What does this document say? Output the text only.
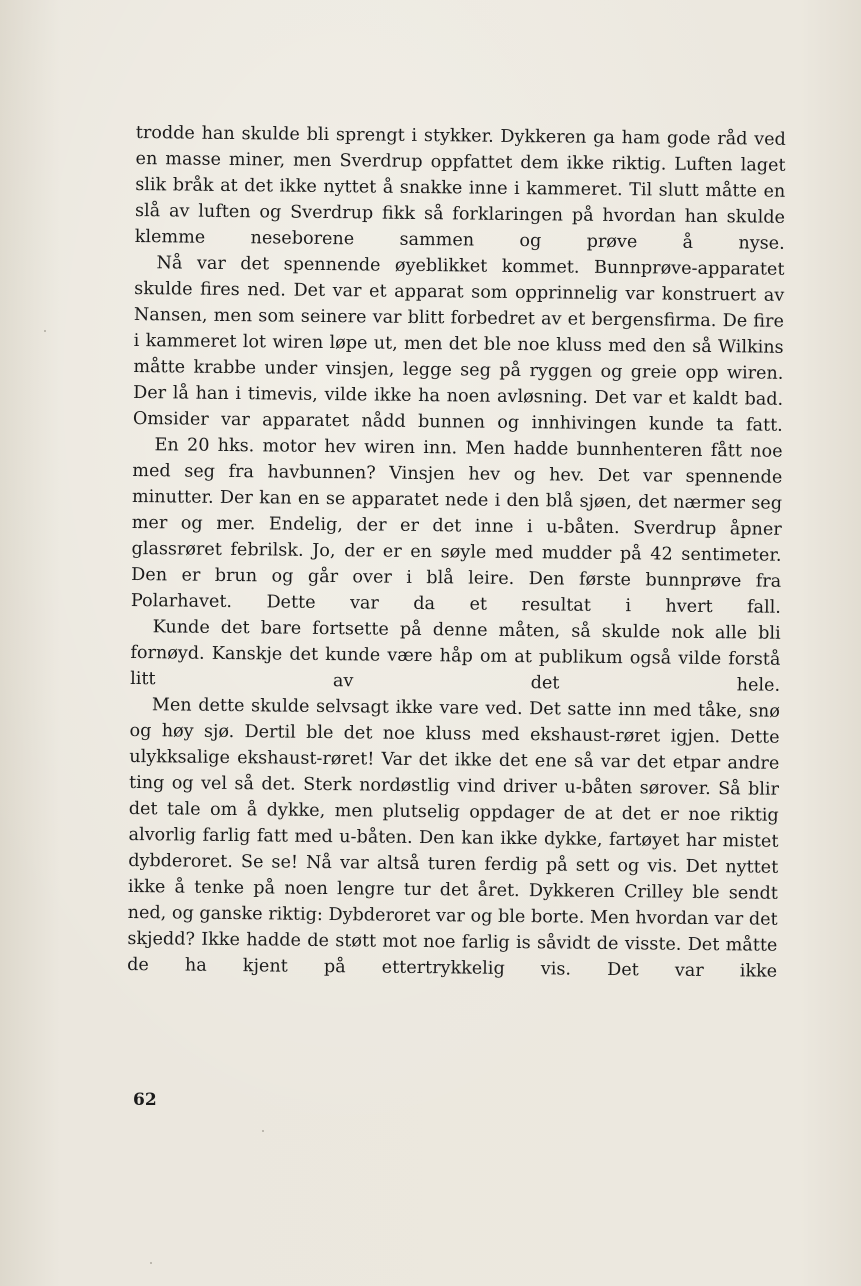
trodde han skulde bli sprengt i stykker. Dykkeren ga ham gode råd ved en masse miner, men Sverdrup oppfattet dem ikke riktig. Luften laget slik bråk at det ikke nyttet å snakke inne i kammeret. Til slutt måtte en slå av luften og Sverdrup fikk så forklaringen på hvordan han skulde klemme neseborene sammen og prøve å nyse.

Nå var det spennende øyeblikket kommet. Bunnprøve-apparatet skulde fires ned. Det var et apparat som opprinnelig var konstruert av Nansen, men som seinere var blitt forbedret av et bergensfirma. De fire i kammeret lot wiren løpe ut, men det ble noe kluss med den så Wilkins måtte krabbe under vinsjen, legge seg på ryggen og greie opp wiren. Der lå han i timevis, vilde ikke ha noen avløsning. Det var et kaldt bad. Omsider var apparatet nådd bunnen og innhivingen kunde ta fatt.

En 20 hks. motor hev wiren inn. Men hadde bunnhenteren fått noe med seg fra havbunnen? Vinsjen hev og hev. Det var spennende minutter. Der kan en se apparatet nede i den blå sjøen, det nærmer seg mer og mer. Endelig, der er det inne i u-båten. Sverdrup åpner glassrøret febrilsk. Jo, der er en søyle med mudder på 42 sentimeter. Den er brun og går over i blå leire. Den første bunnprøve fra Polarhavet. Dette var da et resultat i hvert fall.

Kunde det bare fortsette på denne måten, så skulde nok alle bli fornøyd. Kanskje det kunde være håp om at publikum også vilde forstå litt av det hele.

Men dette skulde selvsagt ikke vare ved. Det satte inn med tåke, snø og høy sjø. Dertil ble det noe kluss med ekshaust-røret igjen. Dette ulykksalige ekshaust-røret! Var det ikke det ene så var det etpar andre ting og vel så det. Sterk nordøstlig vind driver u-båten sørover. Så blir det tale om å dykke, men plutselig oppdager de at det er noe riktig alvorlig farlig fatt med u-båten. Den kan ikke dykke, fartøyet har mistet dybderoret. Se se! Nå var altså turen ferdig på sett og vis. Det nyttet ikke å tenke på noen lengre tur det året. Dykkeren Crilley ble sendt ned, og ganske riktig: Dybderoret var og ble borte. Men hvordan var det skjedd? Ikke hadde de støtt mot noe farlig is såvidt de visste. Det måtte de ha kjent på ettertrykkelig vis. Det var ikke

62
